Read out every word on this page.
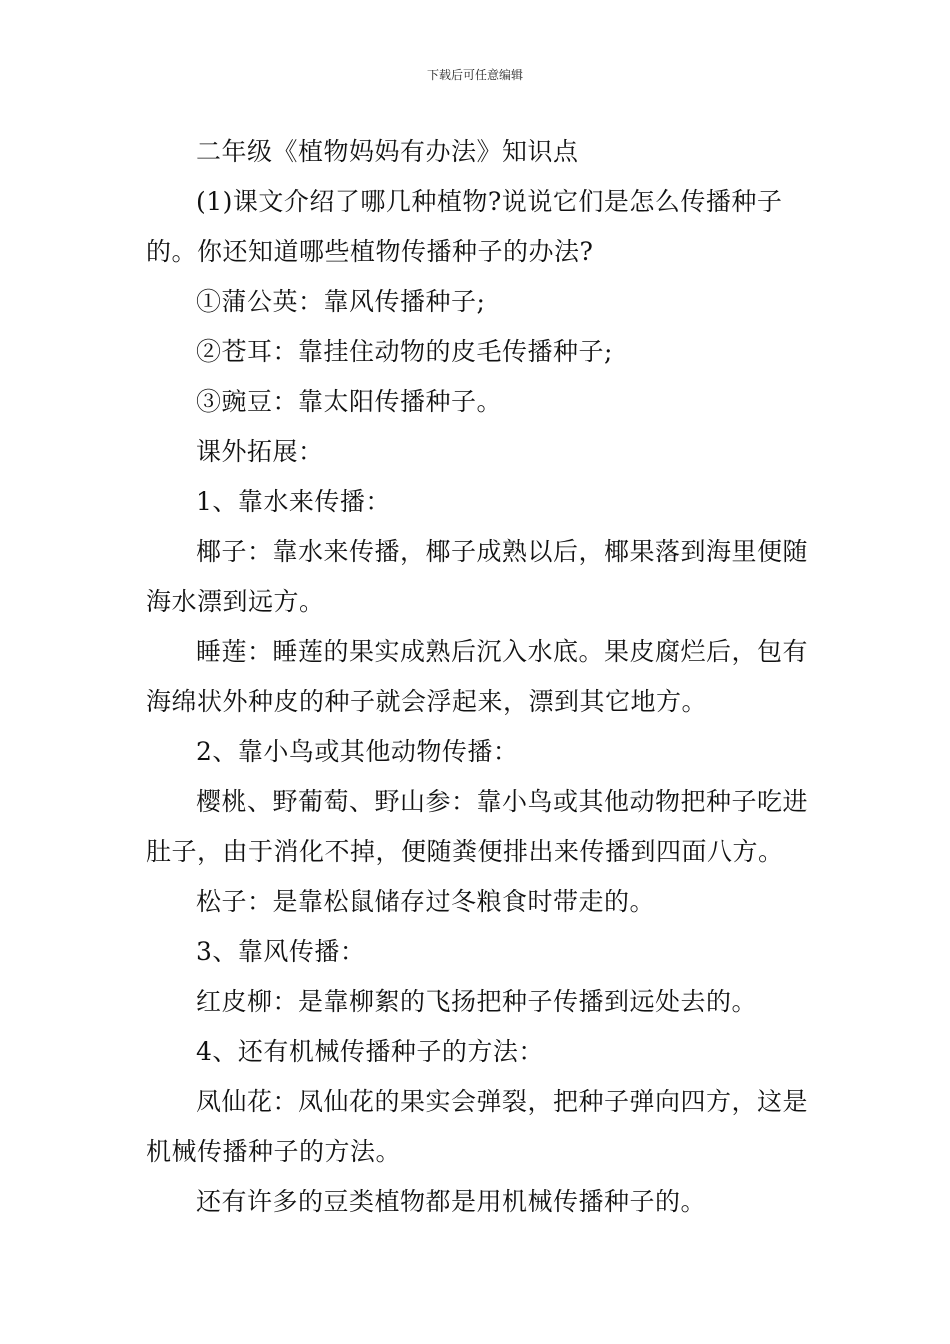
下载后可任意编辑

二年级《植物妈妈有办法》知识点

(1)课文介绍了哪几种植物?说说它们是怎么传播种子的。你还知道哪些植物传播种子的办法?

①蒲公英：靠风传播种子;

②苍耳：靠挂住动物的皮毛传播种子;

③豌豆：靠太阳传播种子。

课外拓展：

1、靠水来传播：

椰子：靠水来传播，椰子成熟以后，椰果落到海里便随海水漂到远方。

睡莲：睡莲的果实成熟后沉入水底。果皮腐烂后，包有海绵状外种皮的种子就会浮起来，漂到其它地方。

2、靠小鸟或其他动物传播：

樱桃、野葡萄、野山参：靠小鸟或其他动物把种子吃进肚子，由于消化不掉，便随粪便排出来传播到四面八方。

松子：是靠松鼠储存过冬粮食时带走的。

3、靠风传播：

红皮柳：是靠柳絮的飞扬把种子传播到远处去的。

4、还有机械传播种子的方法：

凤仙花：凤仙花的果实会弹裂，把种子弹向四方，这是机械传播种子的方法。

还有许多的豆类植物都是用机械传播种子的。
